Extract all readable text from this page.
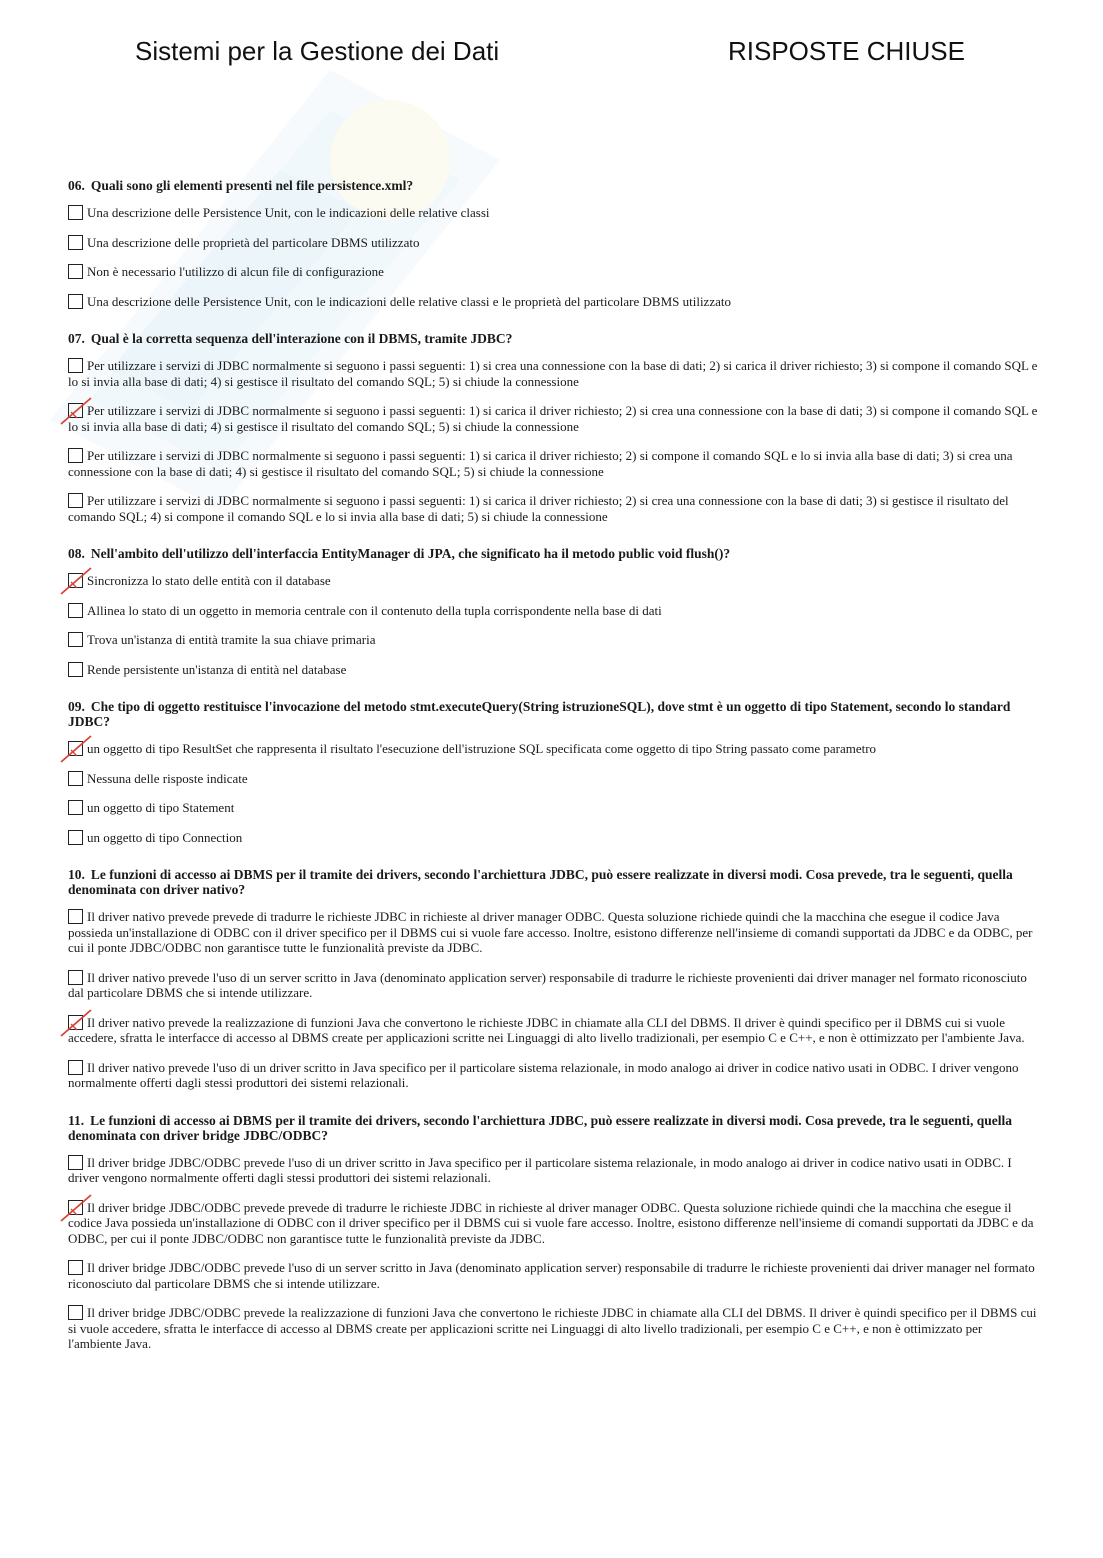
Sistemi per la Gestione dei Dati	RISPOSTE CHIUSE
06. Quali sono gli elementi presenti nel file persistence.xml?
Una descrizione delle Persistence Unit, con le indicazioni delle relative classi
Una descrizione delle proprietà del particolare DBMS utilizzato
Non è necessario l'utilizzo di alcun file di configurazione
Una descrizione delle Persistence Unit, con le indicazioni delle relative classi e le proprietà del particolare DBMS utilizzato
07. Qual è la corretta sequenza dell'interazione con il DBMS, tramite JDBC?
Per utilizzare i servizi di JDBC normalmente si seguono i passi seguenti: 1) si crea una connessione con la base di dati; 2) si carica il driver richiesto; 3) si compone il comando SQL e lo si invia alla base di dati; 4) si gestisce il risultato del comando SQL; 5) si chiude la connessione
Per utilizzare i servizi di JDBC normalmente si seguono i passi seguenti: 1) si carica il driver richiesto; 2) si crea una connessione con la base di dati; 3) si compone il comando SQL e lo si invia alla base di dati; 4) si gestisce il risultato del comando SQL; 5) si chiude la connessione
Per utilizzare i servizi di JDBC normalmente si seguono i passi seguenti: 1) si carica il driver richiesto; 2) si compone il comando SQL e lo si invia alla base di dati; 3) si crea una connessione con la base di dati; 4) si gestisce il risultato del comando SQL; 5) si chiude la connessione
Per utilizzare i servizi di JDBC normalmente si seguono i passi seguenti: 1) si carica il driver richiesto; 2) si crea una connessione con la base di dati; 3) si gestisce il risultato del comando SQL; 4) si compone il comando SQL e lo si invia alla base di dati; 5) si chiude la connessione
08. Nell'ambito dell'utilizzo dell'interfaccia EntityManager di JPA, che significato ha il metodo public void flush()?
Sincronizza lo stato delle entità con il database
Allinea lo stato di un oggetto in memoria centrale con il contenuto della tupla corrispondente nella base di dati
Trova un'istanza di entità tramite la sua chiave primaria
Rende persistente un'istanza di entità nel database
09. Che tipo di oggetto restituisce l'invocazione del metodo stmt.executeQuery(String istruzioneSQL), dove stmt è un oggetto di tipo Statement, secondo lo standard JDBC?
un oggetto di tipo ResultSet che rappresenta il risultato l'esecuzione dell'istruzione SQL specificata come oggetto di tipo String passato come parametro
Nessuna delle risposte indicate
un oggetto di tipo Statement
un oggetto di tipo Connection
10. Le funzioni di accesso ai DBMS per il tramite dei drivers, secondo l'archiettura JDBC, può essere realizzate in diversi modi. Cosa prevede, tra le seguenti, quella denominata con driver nativo?
Il driver nativo prevede prevede di tradurre le richieste JDBC in richieste al driver manager ODBC. Questa soluzione richiede quindi che la macchina che esegue il codice Java possieda un'installazione di ODBC con il driver specifico per il DBMS cui si vuole fare accesso. Inoltre, esistono differenze nell'insieme di comandi supportati da JDBC e da ODBC, per cui il ponte JDBC/ODBC non garantisce tutte le funzionalità previste da JDBC.
Il driver nativo prevede l'uso di un server scritto in Java (denominato application server) responsabile di tradurre le richieste provenienti dai driver manager nel formato riconosciuto dal particolare DBMS che si intende utilizzare.
Il driver nativo prevede la realizzazione di funzioni Java che convertono le richieste JDBC in chiamate alla CLI del DBMS. Il driver è quindi specifico per il DBMS cui si vuole accedere, sfratta le interfacce di accesso al DBMS create per applicazioni scritte nei Linguaggi di alto livello tradizionali, per esempio C e C++, e non è ottimizzato per l'ambiente Java.
Il driver nativo prevede l'uso di un driver scritto in Java specifico per il particolare sistema relazionale, in modo analogo ai driver in codice nativo usati in ODBC. I driver vengono normalmente offerti dagli stessi produttori dei sistemi relazionali.
11. Le funzioni di accesso ai DBMS per il tramite dei drivers, secondo l'archiettura JDBC, può essere realizzate in diversi modi. Cosa prevede, tra le seguenti, quella denominata con driver bridge JDBC/ODBC?
Il driver bridge JDBC/ODBC prevede l'uso di un driver scritto in Java specifico per il particolare sistema relazionale, in modo analogo ai driver in codice nativo usati in ODBC. I driver vengono normalmente offerti dagli stessi produttori dei sistemi relazionali.
Il driver bridge JDBC/ODBC prevede prevede di tradurre le richieste JDBC in richieste al driver manager ODBC. Questa soluzione richiede quindi che la macchina che esegue il codice Java possieda un'installazione di ODBC con il driver specifico per il DBMS cui si vuole fare accesso. Inoltre, esistono differenze nell'insieme di comandi supportati da JDBC e da ODBC, per cui il ponte JDBC/ODBC non garantisce tutte le funzionalità previste da JDBC.
Il driver bridge JDBC/ODBC prevede l'uso di un server scritto in Java (denominato application server) responsabile di tradurre le richieste provenienti dai driver manager nel formato riconosciuto dal particolare DBMS che si intende utilizzare.
Il driver bridge JDBC/ODBC prevede la realizzazione di funzioni Java che convertono le richieste JDBC in chiamate alla CLI del DBMS. Il driver è quindi specifico per il DBMS cui si vuole accedere, sfratta le interfacce di accesso al DBMS create per applicazioni scritte nei Linguaggi di alto livello tradizionali, per esempio C e C++, e non è ottimizzato per l'ambiente Java.
